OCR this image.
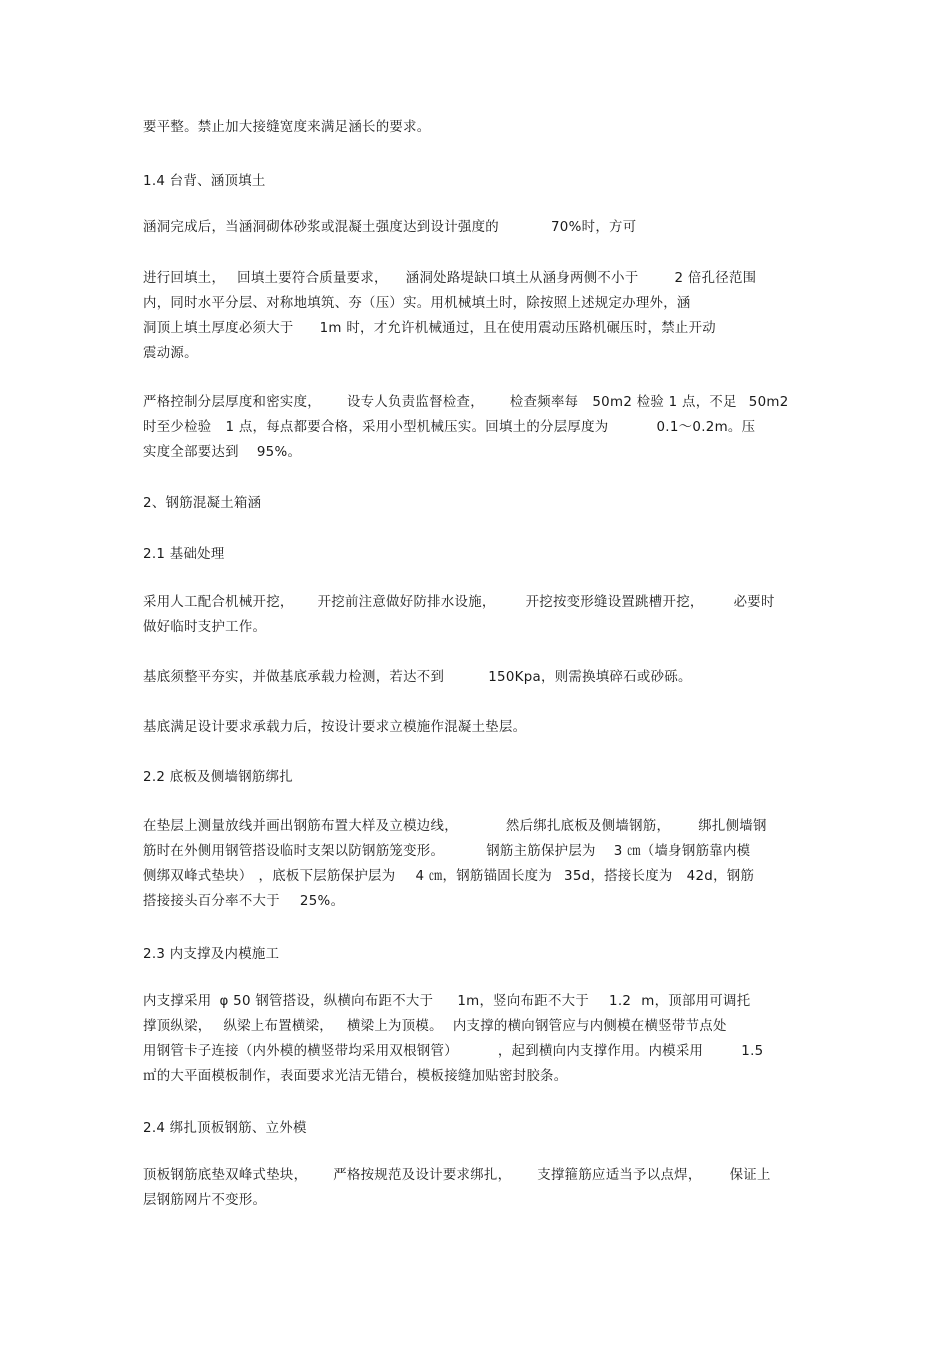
要平整。禁止加大接缝宽度来满足涵长的要求。
1.4 台背、涵顶填土
涵洞完成后，当涵洞砌体砂浆或混凝土强度达到设计强度的	70%时，方可
进行回填土， 回填土要符合质量要求， 涵洞处路堤缺口填土从涵身两侧不小于	2 倍孔径范围
内，同时水平分层、对称地填筑、夯（压）实。用机械填土时，除按照上述规定办理外，涵
洞顶上填土厚度必须大于 1m 时，才允许机械通过，且在使用震动压路机碾压时，禁止开动
震动源。
严格控制分层厚度和密实度， 设专人负责监督检查， 检查频率每 50m2 检验 1 点，不足 50m2
时至少检验 1 点，每点都要合格，采用小型机械压实。回填土的分层厚度为	0.1～0.2m。压
实度全部要达到 95%。
2、钢筋混凝土箱涵
2.1 基础处理
采用人工配合机械开挖， 开挖前注意做好防排水设施， 开挖按变形缝设置跳槽开挖， 必要时
做好临时支护工作。
基底须整平夯实，并做基底承载力检测，若达不到	150Kpa，则需换填碎石或砂砾。
基底满足设计要求承载力后，按设计要求立模施作混凝土垫层。
2.2 底板及侧墙钢筋绑扎
在垫层上测量放线并画出钢筋布置大样及立模边线，	然后绑扎底板及侧墙钢筋， 绑扎侧墙钢
筋时在外侧用钢管搭设临时支架以防钢筋笼变形。	钢筋主筋保护层为 3 ㎝（墙身钢筋靠内模
侧绑双峰式垫块） ，底板下层筋保护层为 4 ㎝，钢筋锚固长度为 35d，搭接长度为 42d，钢筋
搭接接头百分率不大于 25%。
2.3 内支撑及内模施工
内支撑采用 φ 50 钢管搭设，纵横向布距不大于 1m，竖向布距不大于 1.2 m，顶部用可调托
撑顶纵梁， 纵梁上布置横梁， 横梁上为顶模。 内支撑的横向钢管应与内侧模在横竖带节点处
用钢管卡子连接（内外模的横竖带均采用双根钢管）	，起到横向内支撑作用。内模采用	1.5
㎡的大平面模板制作，表面要求光洁无错台，模板接缝加贴密封胶条。
2.4 绑扎顶板钢筋、立外模
顶板钢筋底垫双峰式垫块， 严格按规范及设计要求绑扎， 支撑箍筋应适当予以点焊， 保证上
层钢筋网片不变形。
